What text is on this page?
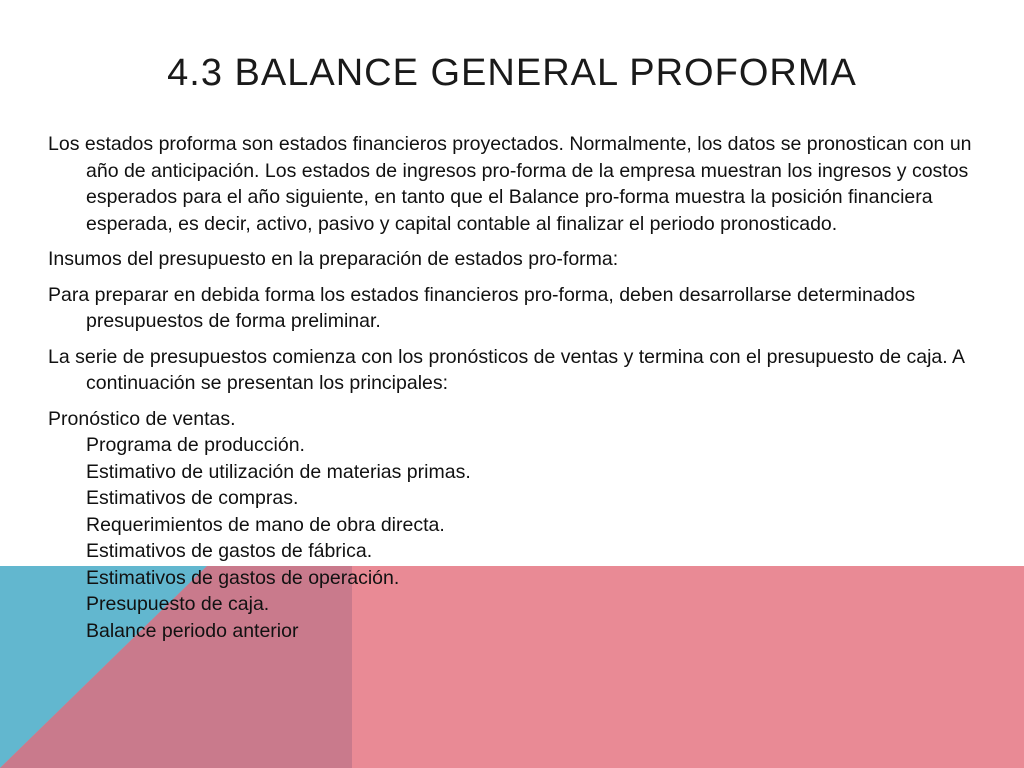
4.3 BALANCE GENERAL PROFORMA

Los estados proforma son estados financieros proyectados. Normalmente, los datos se pronostican con un año de anticipación. Los estados de ingresos pro-forma de la empresa muestran los ingresos y costos esperados para el año siguiente, en tanto que el Balance pro-forma muestra la posición financiera esperada, es decir, activo, pasivo y capital contable al finalizar el periodo pronosticado.

Insumos del presupuesto en la preparación de estados pro-forma:

Para preparar en debida forma los estados financieros pro-forma, deben desarrollarse determinados presupuestos de forma preliminar.

La serie de presupuestos comienza con los pronósticos de ventas y termina con el presupuesto de caja. A continuación se presentan los principales:

Pronóstico de ventas.

Programa de producción.
Estimativo de utilización de materias primas.
Estimativos de compras.
Requerimientos de mano de obra directa.
Estimativos de gastos de fábrica.
Estimativos de gastos de operación.
Presupuesto de caja.
Balance periodo anterior
